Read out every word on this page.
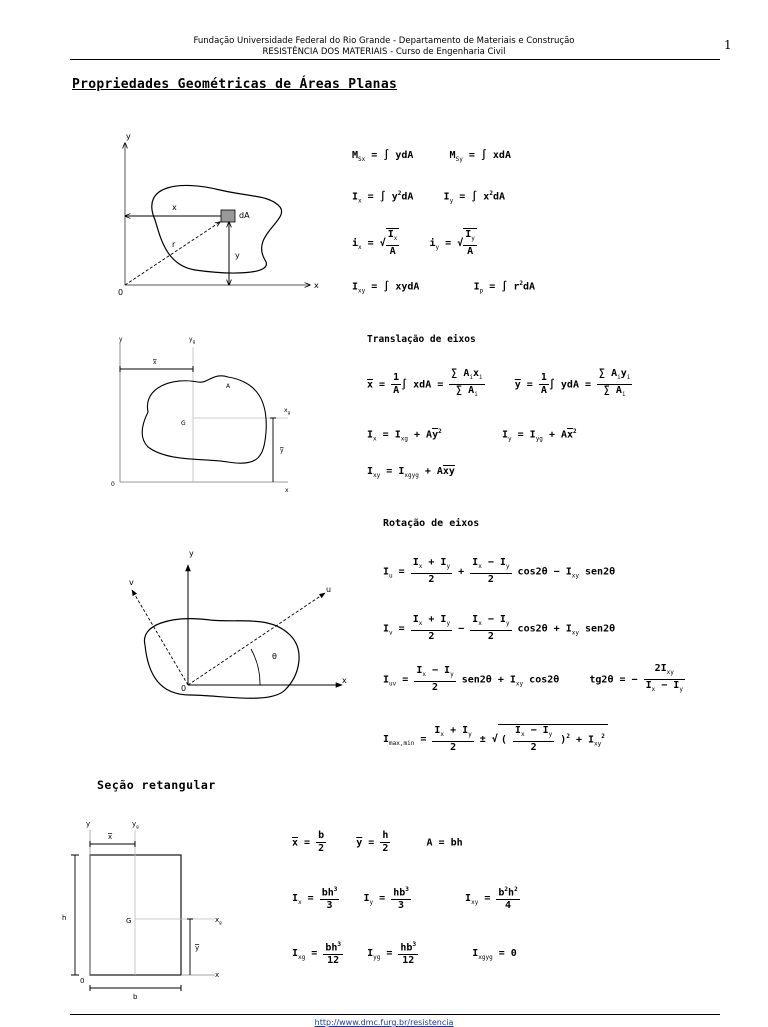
Fundação Universidade Federal do Rio Grande - Departamento de Materiais e Construção
RESISTÊNCIA DOS MATERIAIS - Curso de Engenharia Civil	1
Propriedades Geométricas de Áreas Planas
y
x
0
x
y
r
dA
$M_{Sx}$ = ∫ ydA      $M_{Sy}$ = ∫ xdA
$I_x$ = ∫ $y^2dA$     $I_y$ = ∫ $x^2dA$
$i_x$ = √ $\frac{I_x}{A} i_y$ = √ $\frac{I_y}{A}$
$I_{xy}$ = ∫ xydA         $I_p$ = ∫ $r^2dA$
y	$y_g$
x
A
G
$x_g$
y
0
x
Translação de eixos
$\overline{x} = \frac{1}{A}$ ∫ xdA = $\frac{\sum A_ix_i}{\sum A_i}$	$\overline{y} = \frac{1}{A}$ ∫ ydA = $\frac{\sum A_iy_i}{\sum A_i}$
$I_x = I_{xg} + A\overline{y}^2$          $I_y = I_{yg} + A\overline{x}^2$
$I_{xy} = I_{xgyg} + A\overline{xy}$
y
v
u
θ
0
x
Rotação de eixos
$I_u = \frac{I_x + I_y}{2} + \frac{I_x - I_y}{2} \cos 2\theta - I_{xy}$ sen2θ
$I_v = \frac{I_x + I_y}{2} - \frac{I_x - I_y}{2} \cos 2\theta + I_{xy}$ sen2θ
$I_{uv} = \frac{I_x - I_y}{2} sen2\theta + I_{xy}$ cos2θ     tg2θ = − $\frac{2I_{xy}}{I_x - I_y}$
$I_{max,min} = \frac{I_x + I_y}{2}$ ± √ ( $\frac{I_x - I_y}{2} )^2 + I_{xy}^2$
Seção retangular
y	$y_g$
x
h	G	$x_g$
y
0
x
b
$\overline{x} = \frac{b}{2}$	$\overline{y} = \frac{h}{2}$ A = bh
$I_x = \frac{bh^3}{3} I_y = \frac{hb^3}{3} I_{xy} = \frac{b^2h^2}{4}$
$I_{xg} = \frac{bh^3}{12} I_{yg} = \frac{hb^3}{12} I_{xgyg} = 0$
http://www.dmc.furg.br/resistencia
